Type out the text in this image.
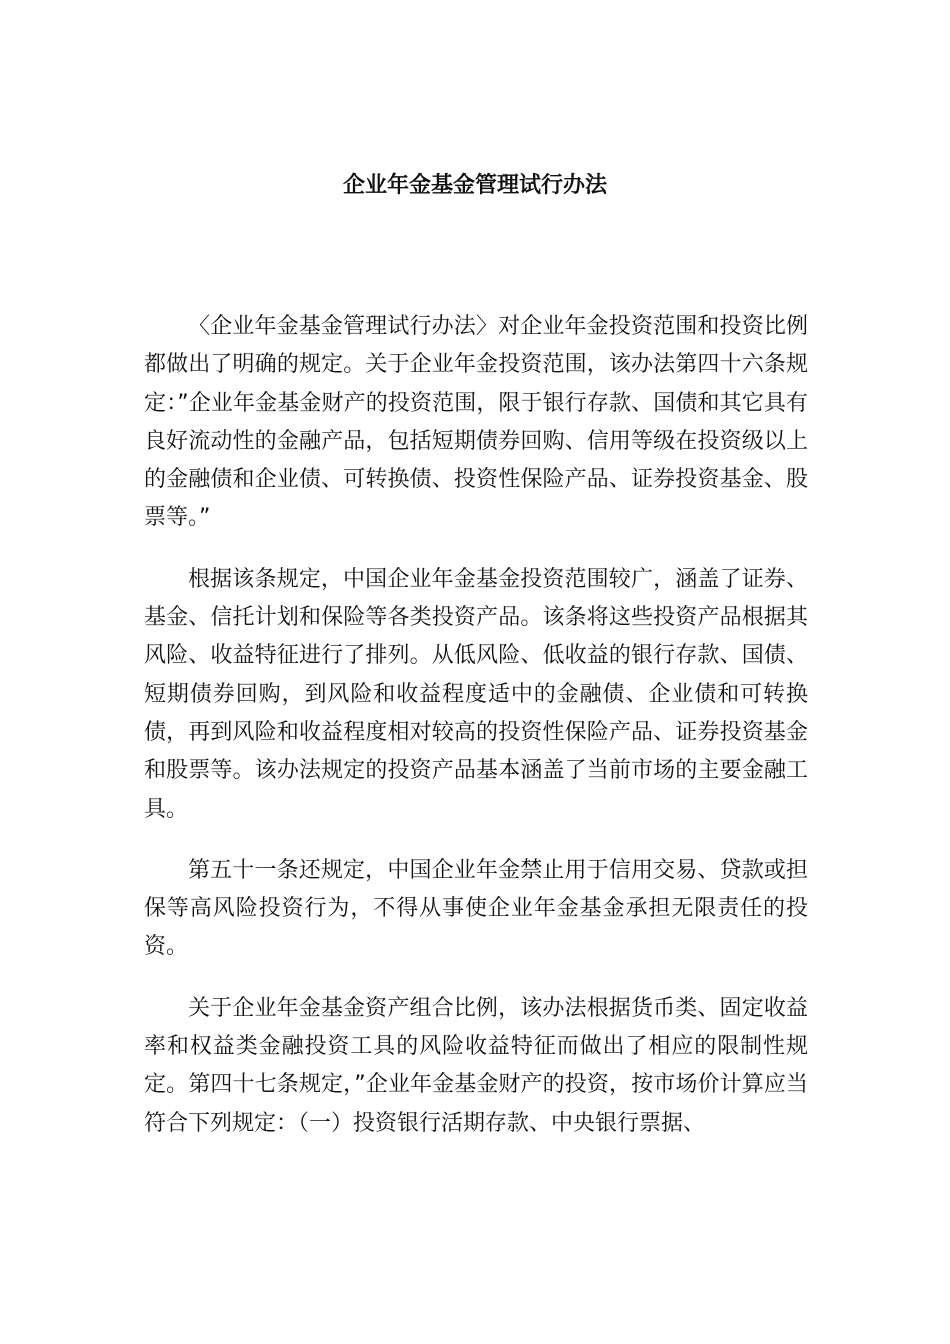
企业年金基金管理试行办法

〈企业年金基金管理试行办法〉对企业年金投资范围和投资比例都做出了明确的规定。关于企业年金投资范围，该办法第四十六条规定：”企业年金基金财产的投资范围，限于银行存款、国债和其它具有良好流动性的金融产品，包括短期债券回购、信用等级在投资级以上的金融债和企业债、可转换债、投资性保险产品、证券投资基金、股票等。”

根据该条规定，中国企业年金基金投资范围较广，涵盖了证券、基金、信托计划和保险等各类投资产品。该条将这些投资产品根据其风险、收益特征进行了排列。从低风险、低收益的银行存款、国债、短期债券回购，到风险和收益程度适中的金融债、企业债和可转换债，再到风险和收益程度相对较高的投资性保险产品、证券投资基金和股票等。该办法规定的投资产品基本涵盖了当前市场的主要金融工具。

第五十一条还规定，中国企业年金禁止用于信用交易、贷款或担保等高风险投资行为，不得从事使企业年金基金承担无限责任的投资。

关于企业年金基金资产组合比例，该办法根据货币类、固定收益率和权益类金融投资工具的风险收益特征而做出了相应的限制性规定。第四十七条规定，”企业年金基金财产的投资，按市场价计算应当符合下列规定：（一）投资银行活期存款、中央银行票据、
